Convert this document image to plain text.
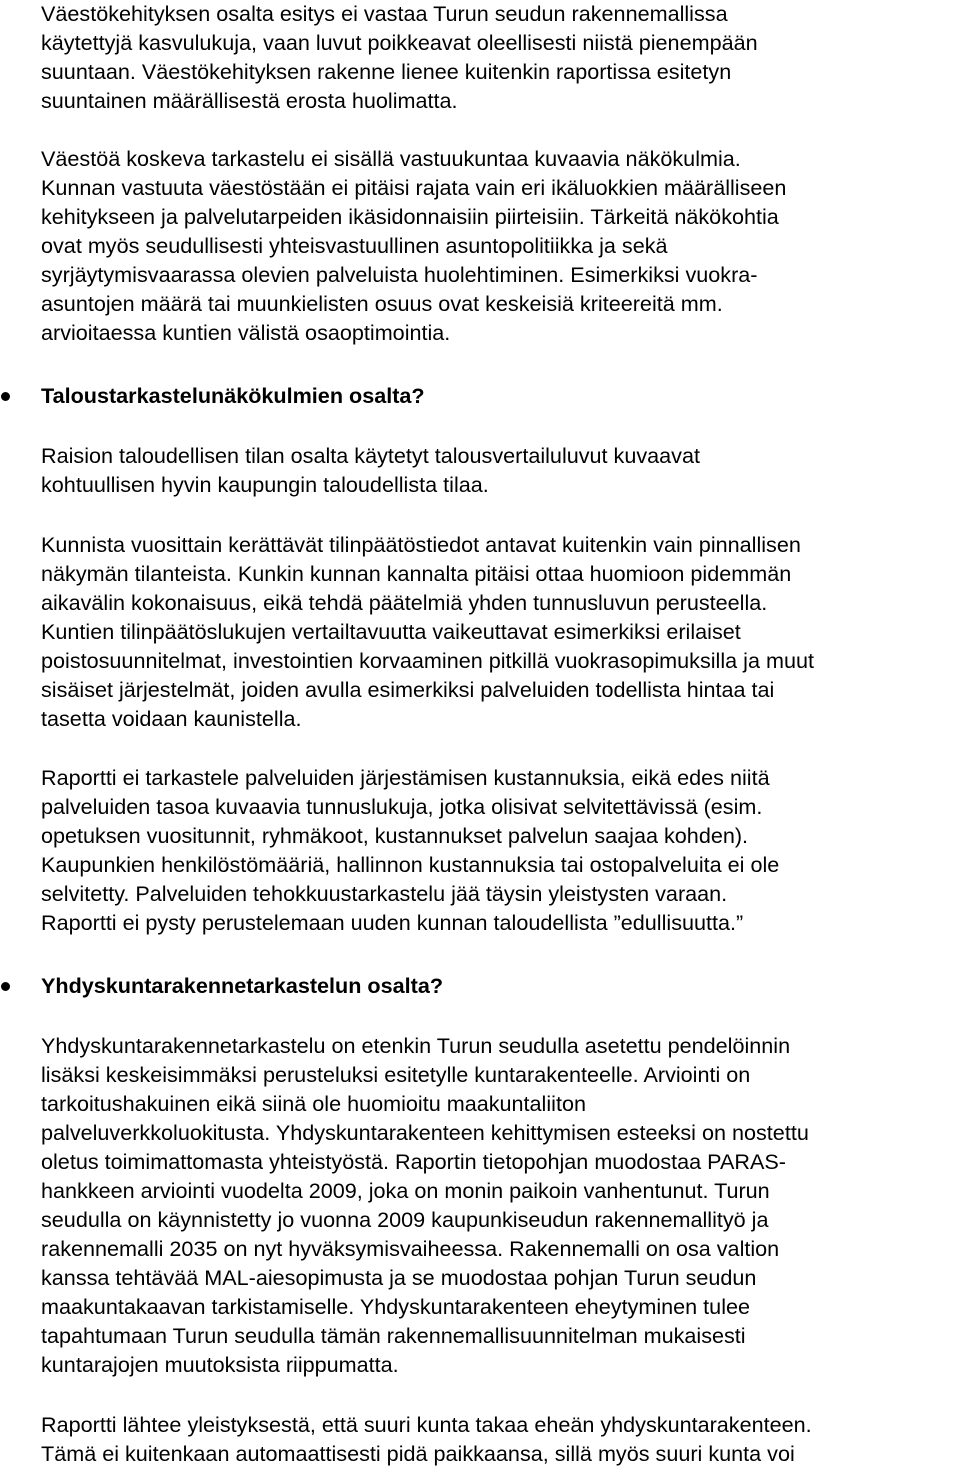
Väestökehityksen osalta esitys ei vastaa Turun seudun rakennemallissa
käytettyjä kasvulukuja, vaan luvut poikkeavat oleellisesti niistä pienempään
suuntaan. Väestökehityksen rakenne lienee kuitenkin raportissa esitetyn
suuntainen määrällisestä erosta huolimatta.
Väestöä koskeva tarkastelu ei sisällä vastuukuntaa kuvaavia näkökulmia.
Kunnan vastuuta väestöstään ei pitäisi rajata vain eri ikäluokkien määrälliseen
kehitykseen ja palvelutarpeiden ikäsidonnaisiin piirteisiin. Tärkeitä näkökohtia
ovat myös seudullisesti yhteisvastuullinen asuntopolitiikka ja sekä
syrjäytymisvaarassa olevien palveluista huolehtiminen. Esimerkiksi vuokra-
asuntojen määrä tai muunkielisten osuus ovat keskeisiä kriteereitä mm.
arvioitaessa kuntien välistä osaoptimointia.
Taloustarkastelunäkökulmien osalta?
Raision taloudellisen tilan osalta käytetyt talousvertailuluvut kuvaavat
kohtuullisen hyvin kaupungin taloudellista tilaa.
Kunnista vuosittain kerättävät tilinpäätöstiedot antavat kuitenkin vain pinnallisen
näkymän tilanteista. Kunkin kunnan kannalta pitäisi ottaa huomioon pidemmän
aikavälin kokonaisuus, eikä tehdä päätelmiä yhden tunnusluvun perusteella.
Kuntien tilinpäätöslukujen vertailtavuutta vaikeuttavat esimerkiksi erilaiset
poistosuunnitelmat, investointien korvaaminen pitkillä vuokrasopimuksilla ja muut
sisäiset järjestelmät, joiden avulla esimerkiksi palveluiden todellista hintaa tai
tasetta voidaan kaunistella.
Raportti ei tarkastele palveluiden järjestämisen kustannuksia, eikä edes niitä
palveluiden tasoa kuvaavia tunnuslukuja, jotka olisivat selvitettävissä (esim.
opetuksen vuositunnit, ryhmäkoot, kustannukset palvelun saajaa kohden).
Kaupunkien henkilöstömääriä, hallinnon kustannuksia tai ostopalveluita ei ole
selvitetty. Palveluiden tehokkuustarkastelu jää täysin yleistysten varaan.
Raportti ei pysty perustelemaan uuden kunnan taloudellista ”edullisuutta.”
Yhdyskuntarakennetarkastelun osalta?
Yhdyskuntarakennetarkastelu on etenkin Turun seudulla asetettu pendelöinnin
lisäksi keskeisimmäksi perusteluksi esitetylle kuntarakenteelle. Arviointi on
tarkoitushakuinen eikä siinä ole huomioitu maakuntaliiton
palveluverkkoluokitusta. Yhdyskuntarakenteen kehittymisen esteeksi on nostettu
oletus toimimattomasta yhteistyöstä. Raportin tietopohjan muodostaa PARAS-
hankkeen arviointi vuodelta 2009, joka on monin paikoin vanhentunut. Turun
seudulla on käynnistetty jo vuonna 2009 kaupunkiseudun rakennemallityö ja
rakennemalli 2035 on nyt hyväksymisvaiheessa. Rakennemalli on osa valtion
kanssa tehtävää MAL-aiesopimusta ja se muodostaa pohjan Turun seudun
maakuntakaavan tarkistamiselle. Yhdyskuntarakenteen eheytyminen tulee
tapahtumaan Turun seudulla tämän rakennemallisuunnitelman mukaisesti
kuntarajojen muutoksista riippumatta.
Raportti lähtee yleistyksestä, että suuri kunta takaa eheän yhdyskuntarakenteen.
Tämä ei kuitenkaan automaattisesti pidä paikkaansa, sillä myös suuri kunta voi
